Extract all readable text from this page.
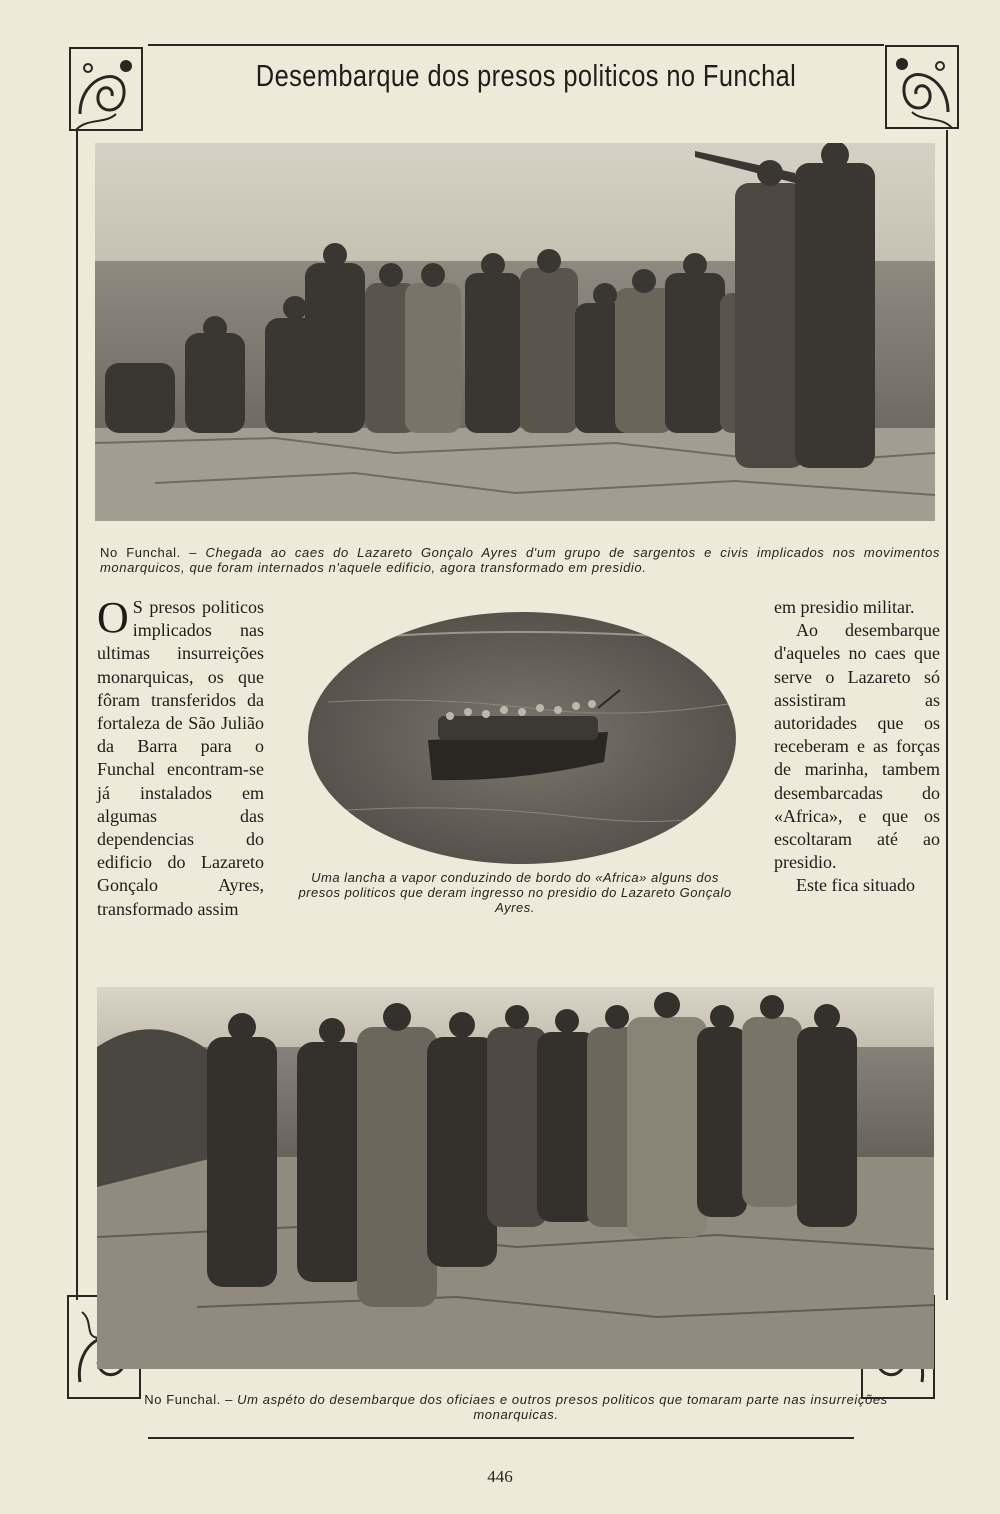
Desembarque dos presos politicos no Funchal
No Funchal. – Chegada ao caes do Lazareto Gonçalo Ayres d'um grupo de sargentos e civis implicados nos movimentos monarquicos, que foram internados n'aquele edificio, agora transformado em presidio.

O S presos politicos implicados nas ultimas insurreições monarquicas, os que fôram transferidos da fortaleza de São Julião da Barra para o Funchal encontram-se já instalados em algumas das dependencias do edificio do Lazareto Gonçalo Ayres, transformado assim

Uma lancha a vapor conduzindo de bordo do «Africa» alguns dos presos politicos que deram ingresso no presidio do Lazareto Gonçalo Ayres.

em presidio militar.

Ao desembarque d'aqueles no caes que serve o Lazareto só assistiram as autoridades que os receberam e as forças de marinha, tambem desembarcadas do «Africa», e que os escoltaram até ao presidio.

Este fica situado

No Funchal. – Um aspéto do desembarque dos oficiaes e outros presos politicos que tomaram parte nas insurreições monarquicas.
446
